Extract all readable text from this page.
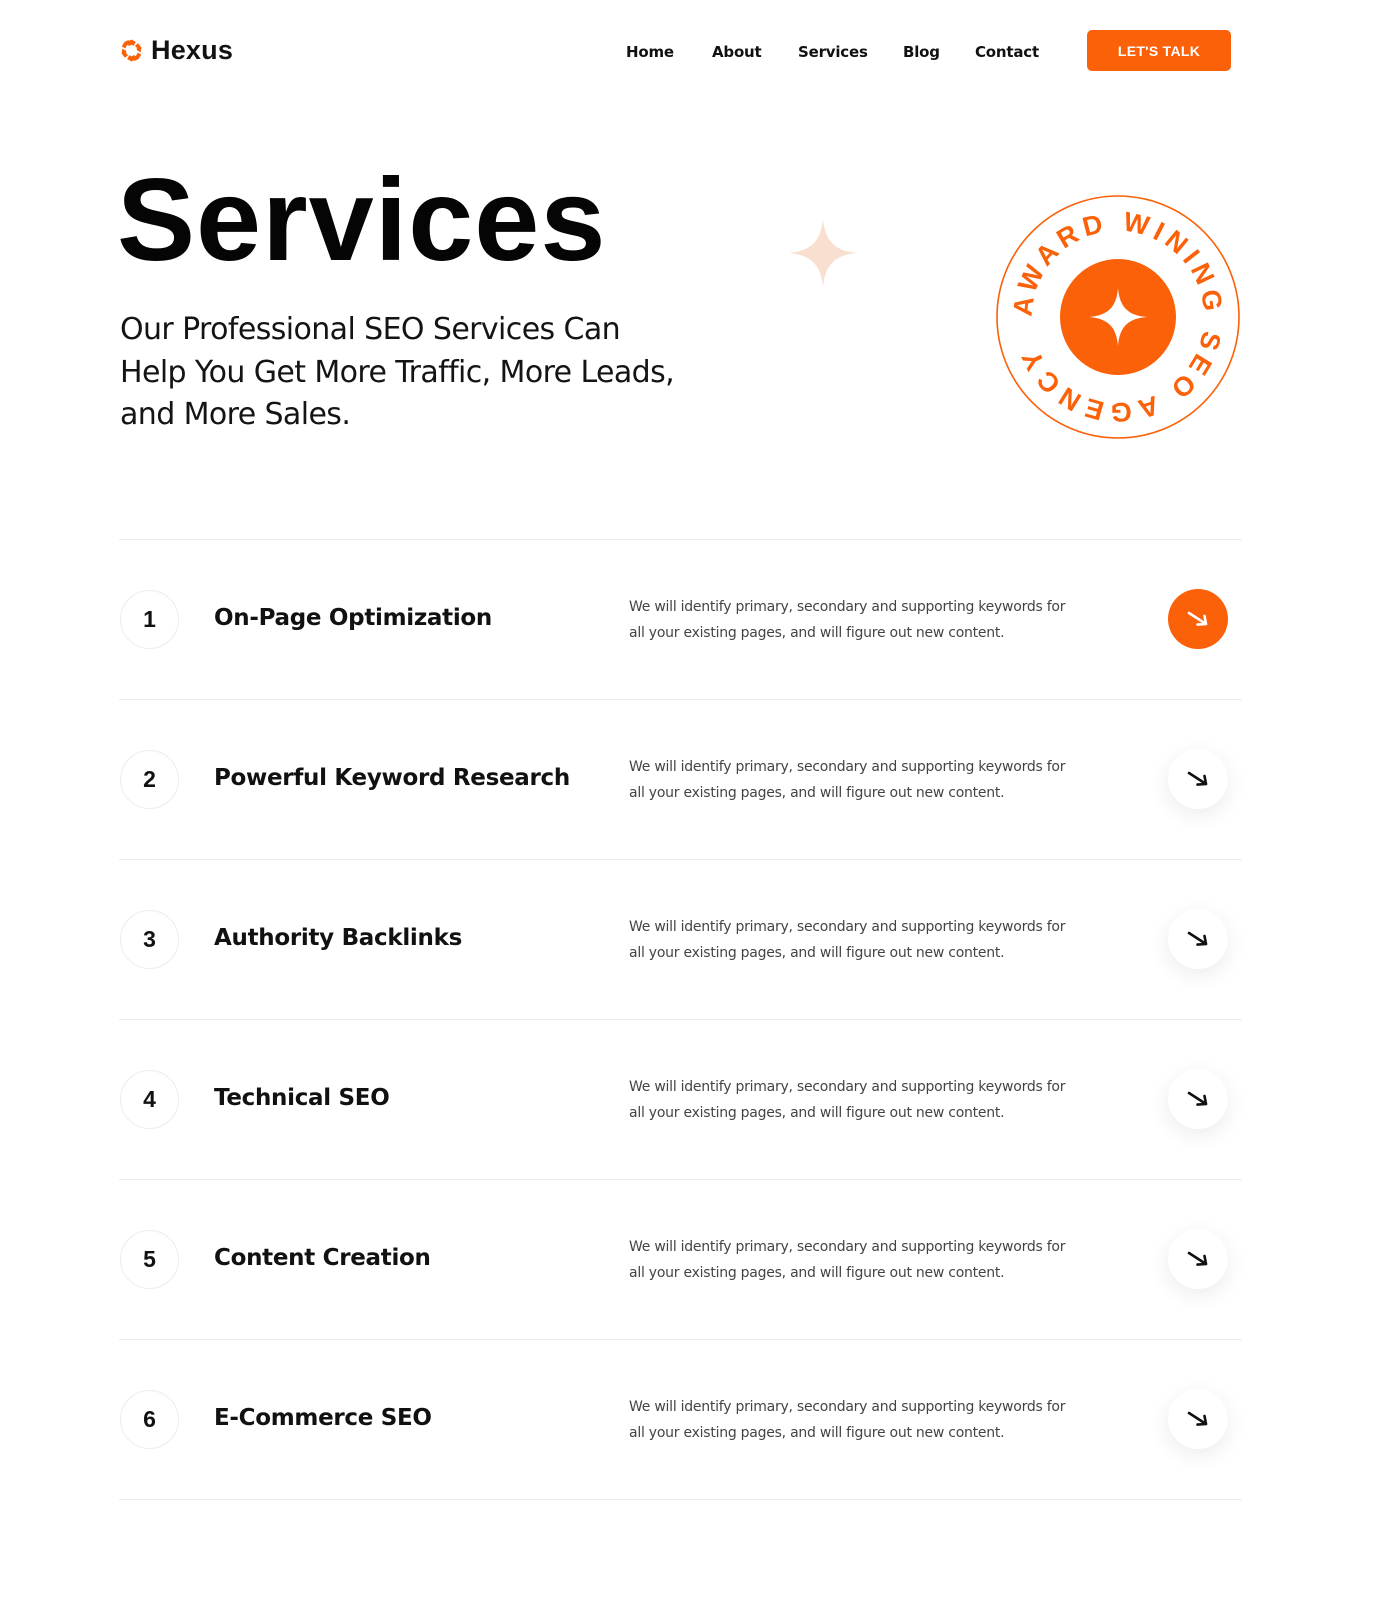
Hexus	Home	About Services Blog Contact	LET'S TALK
Services

Our Professional SEO Services Can
Help You Get More Traffic, More Leads,
and More Sales.

AWARD WINING SEO AGENCY
1	On-Page Optimization	We will identify primary, secondary and supporting keywords for
all your existing pages, and will figure out new content.

2	Powerful Keyword Research	We will identify primary, secondary and supporting keywords for
all your existing pages, and will figure out new content.

3	Authority Backlinks	We will identify primary, secondary and supporting keywords for
all your existing pages, and will figure out new content.

4	Technical SEO	We will identify primary, secondary and supporting keywords for
all your existing pages, and will figure out new content.

5	Content Creation	We will identify primary, secondary and supporting keywords for
all your existing pages, and will figure out new content.

6	E-Commerce SEO	We will identify primary, secondary and supporting keywords for
all your existing pages, and will figure out new content.
